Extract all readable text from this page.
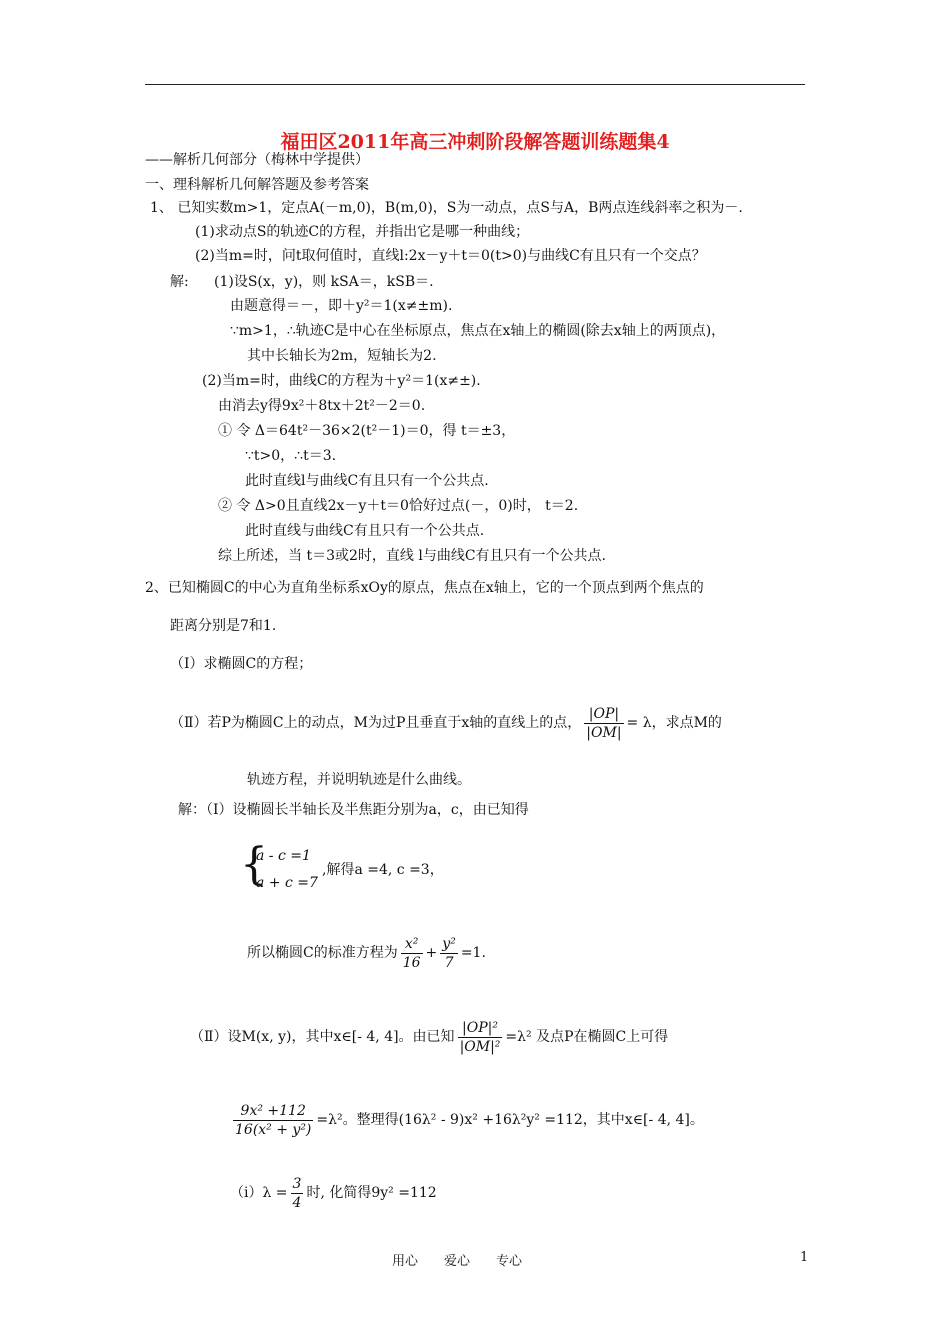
福田区2011年高三冲刺阶段解答题训练题集4
——解析几何部分（梅林中学提供）
一、理科解析几何解答题及参考答案
1、 已知实数m>1，定点A(－m,0)，B(m,0)，S为一动点，点S与A，B两点连线斜率之积为－.
(1)求动点S的轨迹C的方程，并指出它是哪一种曲线；
(2)当m=时，问t取何值时，直线l:2x－y＋t＝0(t>0)与曲线C有且只有一个交点？
解: (1)设S(x，y)，则 kSA＝，kSB＝.
由题意得＝－，即＋y²＝1(x≠±m).
∵m>1，∴轨迹C是中心在坐标原点，焦点在x轴上的椭圆(除去x轴上的两顶点)，
其中长轴长为2m，短轴长为2.
(2)当m=时，曲线C的方程为＋y²＝1(x≠±).
由消去y得9x²＋8tx＋2t²－2＝0.
① 令 Δ＝64t²－36×2(t²－1)＝0，得 t＝±3，
∵t>0，∴t＝3.
此时直线l与曲线C有且只有一个公共点.
② 令 Δ>0且直线2x－y＋t＝0恰好过点(－，0)时， t＝2.
此时直线与曲线C有且只有一个公共点.
综上所述，当 t＝3或2时，直线 l与曲线C有且只有一个公共点.
2、已知椭圆C的中心为直角坐标系xOy的原点，焦点在x轴上，它的一个顶点到两个焦点的
距离分别是7和1.
（Ⅰ）求椭圆C的方程；
（Ⅱ）若P为椭圆C上的动点，M为过P且垂直于x轴的直线上的点， $\frac{|OP|}{|OM|} = \lambda$，求点M的
轨迹方程，并说明轨迹是什么曲线。
解：（Ⅰ）设椭圆长半轴长及半焦距分别为a，c，由已知得
{
a - c =1
a + c =7
,解得a =4, c =3，
所以椭圆C的标准方程为 $\frac{\text{x²}}{16} + \frac{\text{y²}}{7} =1$.
（Ⅱ）设M(x, y)，其中x∈[- 4, 4]。由已知 $\frac{\text{|OP|²}}{\text{|OM|²}} =\lambda^2$ 及点P在椭圆C上可得
$\frac{\text{9x² +112}}{\text{16(x² + y²)}} =\lambda^2$。整理得(16λ² - 9)x² +16λ²y² =112，其中x∈[- 4, 4]。
$(i)\lambda = \frac{3}{4}$ 时, 化简得9y² =112
用心　　爱心　　专心	1
